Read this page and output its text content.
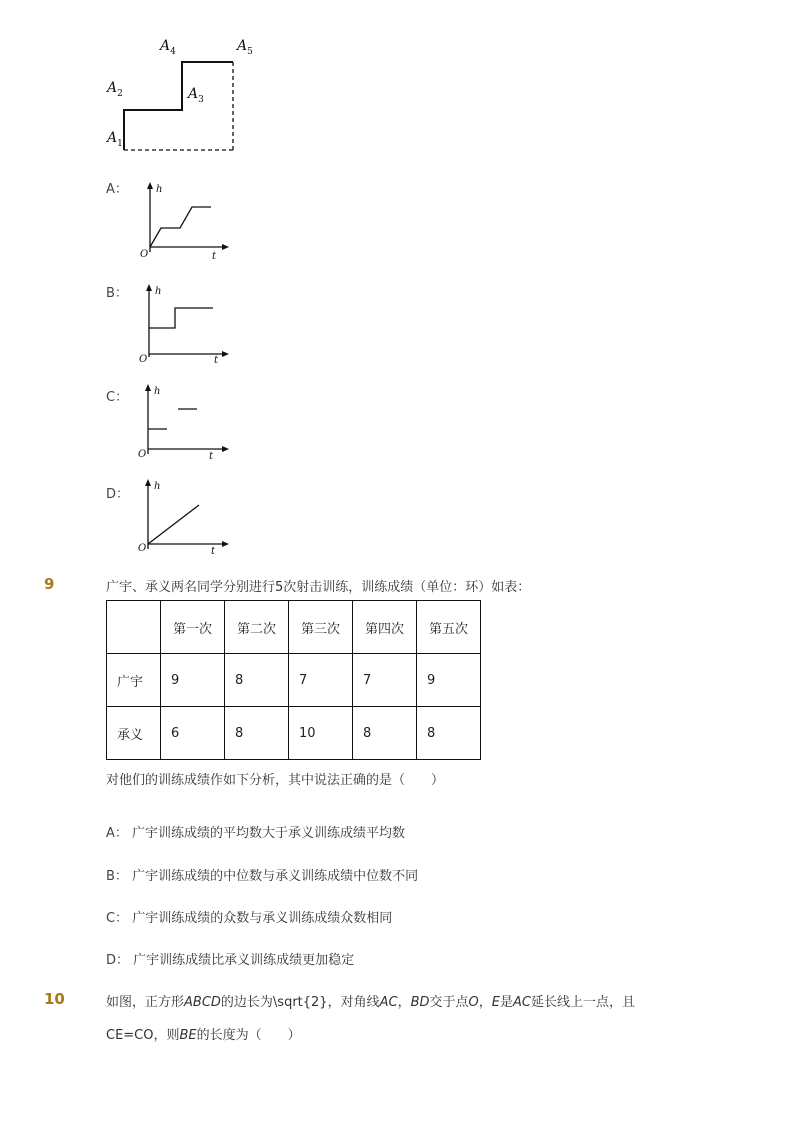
$A_1$
$A_2$	$A_3$
$A_4$	$A_5$
A：	h
t
O
B：	h
t
O
C：	h
t
O
D：
h
t
O
9	广宇、承义两名同学分别进行5次射击训练，训练成绩（单位：环）如表：
	第一次	第二次	第三次	第四次	第五次
广宇	9	8	7	7	9
承义	6	8	10	8	8
对他们的训练成绩作如下分析，其中说法正确的是（　　）
A： 广宇训练成绩的平均数大于承义训练成绩平均数
B： 广宇训练成绩的中位数与承义训练成绩中位数不同
C： 广宇训练成绩的众数与承义训练成绩众数相同
D： 广宇训练成绩比承义训练成绩更加稳定
10	如图，正方形ABCD的边长为\sqrt{2}，对角线AC，BD交于点O，E是AC延长线上一点，且
CE=CO，则BE的长度为（　　）
